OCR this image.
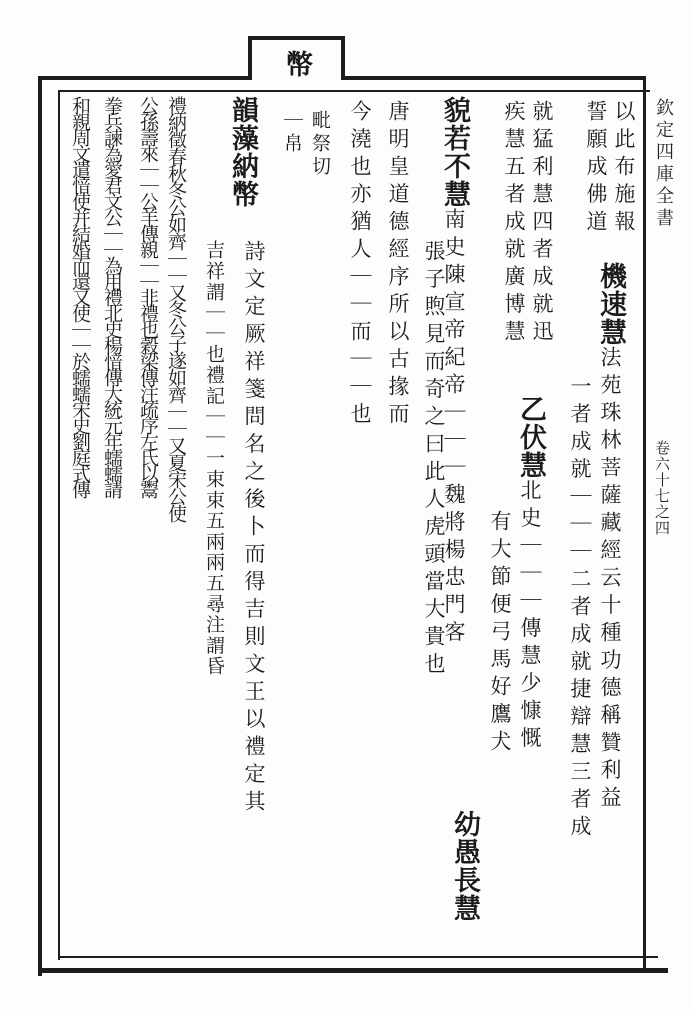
欽定四庫全書
卷六十七之四
以此布施報
誓願成佛道
機速慧法苑珠林菩薩藏經云十種功德稱贊利益
一者成就｜｜｜二者成就捷辯慧三者成
就猛利慧四者成就迅
疾慧五者成就廣博慧
乙伏慧北史｜｜｜傳慧少慷慨
有大節便弓馬好鷹犬
貌若不慧南史陳宣帝紀帝｜｜｜魏將楊忠門客
張子煦見而奇之曰此人虎頭當大貴也
幼愚長慧
唐明皇道德經序所以古掾而
今澆也亦猶人｜｜而｜｜也
幣
毗祭切
｜帛
韻藻納幣
詩文定厥祥箋問名之後卜而得吉則文王以禮定其
吉祥謂｜｜也禮記｜｜一束束五兩兩五尋注謂昏
禮納徵春秋冬公如齊｜｜又冬公子遂如齊｜｜又夏宋公使
公孫壽來｜｜公羊傳親｜｜非禮也穀梁傳注疏序左氏以鬻
拳兵諫為愛君文公｜｜為用禮北史楊愔傳大統元年蠕蠕請
和親周文遣愔使并結婚而還又使｜｜於蠕蠕宋史劉庭式傳
